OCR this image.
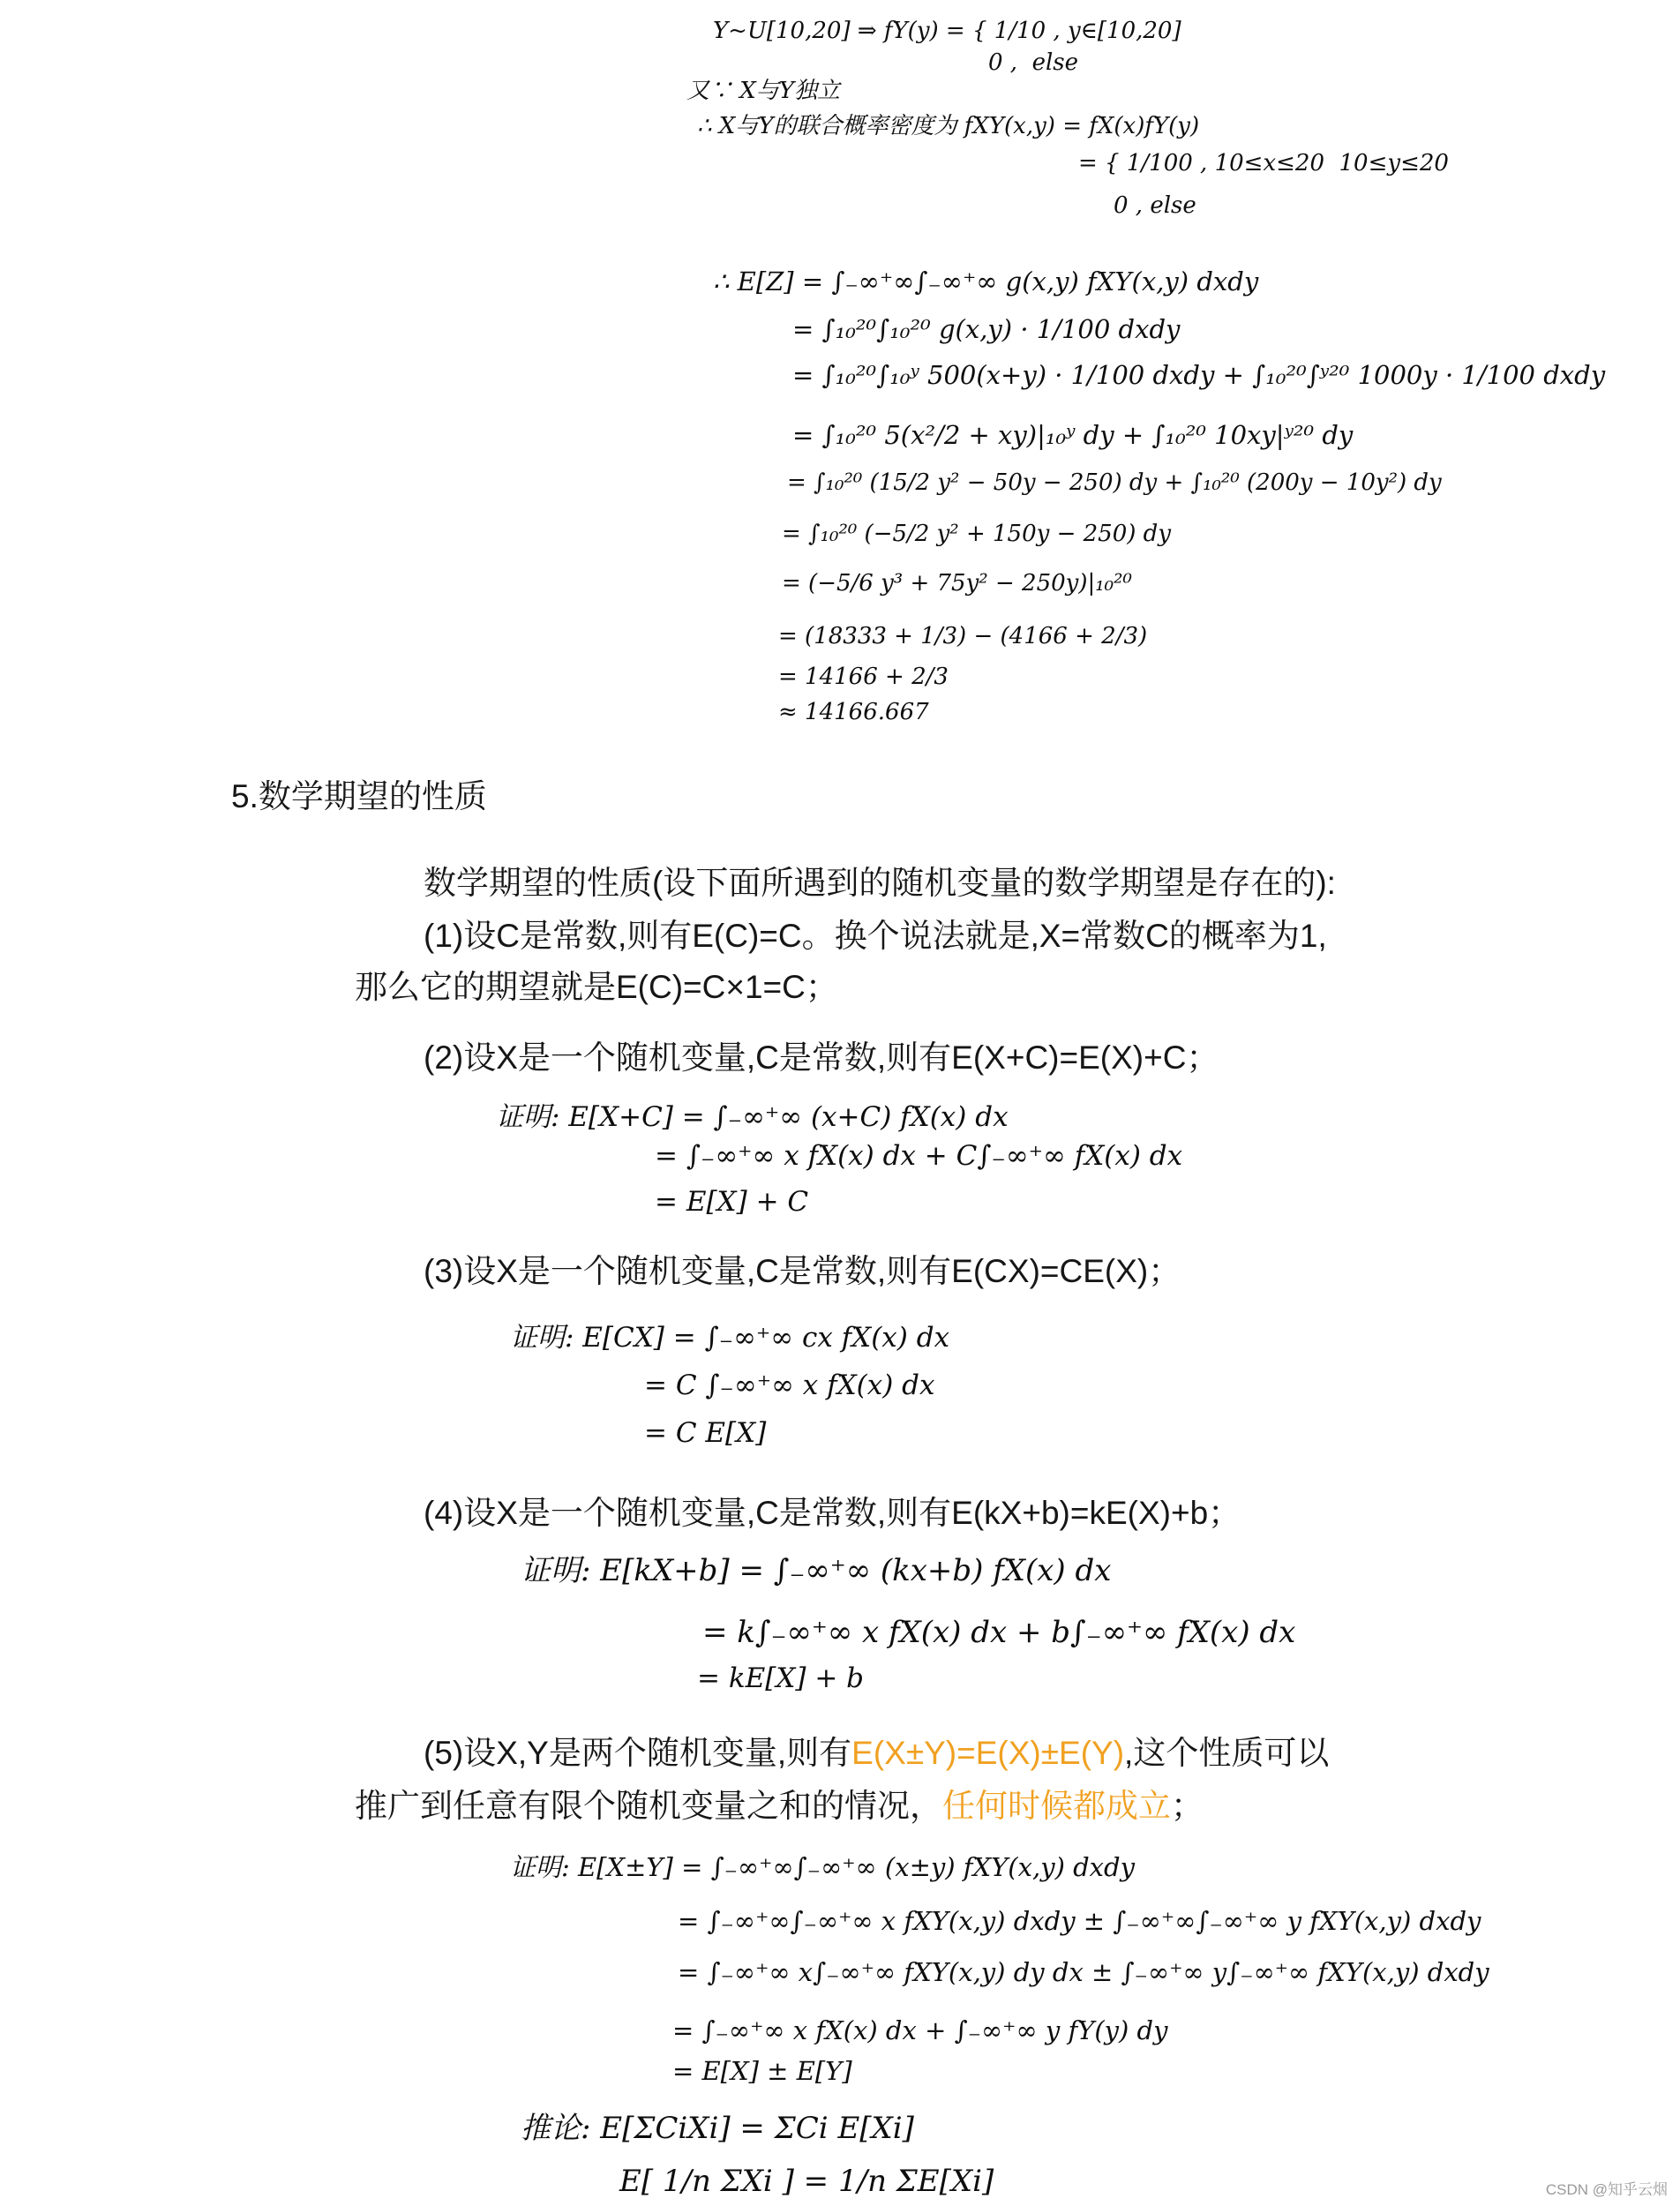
Y~U[10,20] ⇒ fY(y) = { 1/10 , y∈[10,20]
0 ,  else
又∵ X与Y独立
∴ X与Y的联合概率密度为 fXY(x,y) = fX(x)fY(y)
= { 1/100 , 10≤x≤20  10≤y≤20
0 , else
∴ E[Z] = ∫₋∞⁺∞∫₋∞⁺∞ g(x,y) fXY(x,y) dxdy
= ∫₁₀²⁰∫₁₀²⁰ g(x,y) · 1/100 dxdy
= ∫₁₀²⁰∫₁₀ʸ 500(x+y) · 1/100 dxdy + ∫₁₀²⁰∫ʸ²⁰ 1000y · 1/100 dxdy
= ∫₁₀²⁰ 5(x²/2 + xy)|₁₀ʸ dy + ∫₁₀²⁰ 10xy|ʸ²⁰ dy
= ∫₁₀²⁰ (15/2 y² − 50y − 250) dy + ∫₁₀²⁰ (200y − 10y²) dy
= ∫₁₀²⁰ (−5/2 y² + 150y − 250) dy
= (−5/6 y³ + 75y² − 250y)|₁₀²⁰
= (18333 + 1/3) − (4166 + 2/3)
= 14166 + 2/3
≈ 14166.667
5.数学期望的性质
数学期望的性质(设下面所遇到的随机变量的数学期望是存在的):
(1)设C是常数,则有E(C)=C。换个说法就是,X=常数C的概率为1,
那么它的期望就是E(C)=C×1=C；
(2)设X是一个随机变量,C是常数,则有E(X+C)=E(X)+C；
证明: E[X+C] = ∫₋∞⁺∞ (x+C) fX(x) dx
= ∫₋∞⁺∞ x fX(x) dx + C∫₋∞⁺∞ fX(x) dx
= E[X] + C
(3)设X是一个随机变量,C是常数,则有E(CX)=CE(X)；
证明: E[CX] = ∫₋∞⁺∞ cx fX(x) dx
= C ∫₋∞⁺∞ x fX(x) dx
= C E[X]
(4)设X是一个随机变量,C是常数,则有E(kX+b)=kE(X)+b；
证明: E[kX+b] = ∫₋∞⁺∞ (kx+b) fX(x) dx
= k∫₋∞⁺∞ x fX(x) dx + b∫₋∞⁺∞ fX(x) dx
= kE[X] + b
(5)设X,Y是两个随机变量,则有E(X±Y)=E(X)±E(Y),这个性质可以
推广到任意有限个随机变量之和的情况，任何时候都成立；
证明: E[X±Y] = ∫₋∞⁺∞∫₋∞⁺∞ (x±y) fXY(x,y) dxdy
= ∫₋∞⁺∞∫₋∞⁺∞ x fXY(x,y) dxdy ± ∫₋∞⁺∞∫₋∞⁺∞ y fXY(x,y) dxdy
= ∫₋∞⁺∞ x∫₋∞⁺∞ fXY(x,y) dy dx ± ∫₋∞⁺∞ y∫₋∞⁺∞ fXY(x,y) dxdy
= ∫₋∞⁺∞ x fX(x) dx + ∫₋∞⁺∞ y fY(y) dy
= E[X] ± E[Y]
推论: E[ΣCiXi] = ΣCi E[Xi]
E[ 1/n ΣXi ] = 1/n ΣE[Xi]	CSDN @知乎云烟
